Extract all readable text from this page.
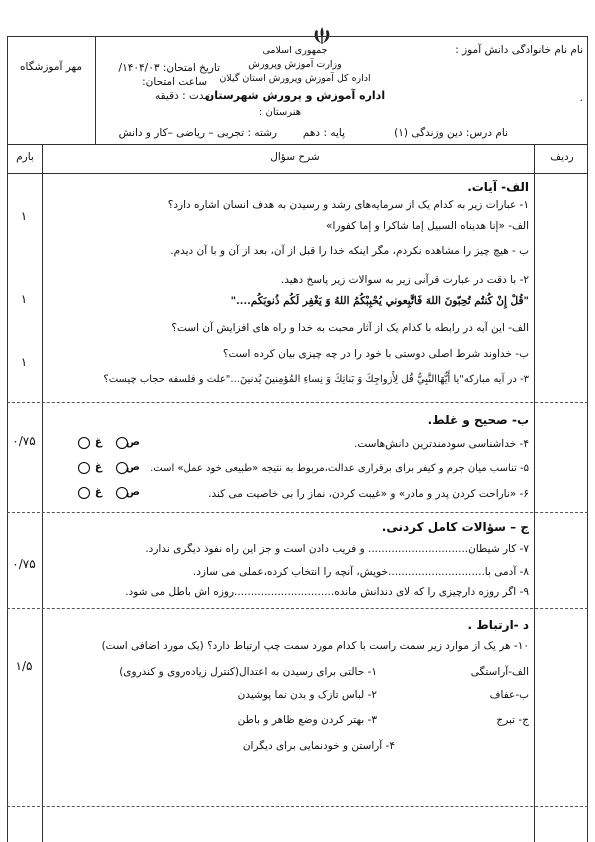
جمهوری اسلامی
وزارت آموزش وپرورش
اداره کل آموزش وپرورش استان گیلان
اداره آموزش و پرورش شهرستان
هنرستان :
نام نام خانوادگی دانش آموز :
.
تاریخ امتحان: ۱۴۰۴/۰۳/
ساعت امتحان:
مدت : دقیقه
مهر آموزشگاه
نام درس: دین وزندگی (۱)
پایه : دهم
رشته : تجربی – ریاضی –کار و دانش
ردیف
شرح سؤال
بارم
الف- آیات.
۱- عبارات زیر به کدام یک از سرمایه‌های رشد و رسیدن به هدف انسان اشاره دارد؟
الف- «إنا هدیناه السبیل إما شاکرا و إما کفورا»
ب - هیچ چیز را مشاهده نکردم، مگر اینکه خدا را قبل از آن، بعد از آن و با آن دیدم.
۲- با دقت در عبارت قرآنی زیر به سوالات زیر پاسخ دهید.
"قُلْ إِنْ کُنتُم تُحِبّونَ اللهَ فَاتَّبِعوني يُحْبِبْكُمُ اللهُ وَ يَغْفِر لَكُم ذُنوبَكُم...."
الف- این آیه در رابطه با کدام یک از آثار محبت به خدا و راه های افزایش آن است؟
ب- خداوند شرط اصلی دوستی با خود را در چه چیزی بیان کرده است؟
۳- در آیه مبارکه"یا أَيُّهَاالنَّبِيُّ قُل لِأَزواجِكَ وَ بَناتِكَ وَ نِساءِ المُؤمِنينَ يُدنينَ..."علت و فلسفه حجاب چیست؟
۱
۱
۱
ب- صحیح و غلط.
۴- خداشناسی سودمندترین دانش‌هاست.
۵- تناسب میان جرم و کیفر برای برقراری عدالت،مربوط به نتیجه «طبیعی خود عمل» است.
۶- «ناراحت کردن پدر و مادر» و «غیبت کردن، نماز را بی خاصیت می کند.
۰/۷۵	ص
غ
ص
غ
ص
غ
ج – سؤالات کامل کردنی.
۷- کار شیطان.............................. و فریب دادن است و جز این راه نفوذ دیگری ندارد.
۸- آدمی با.............................خویش، آنچه را انتخاب کرده،عملی می سازد.
۹- اگر روزه دارچیزی را که لای دندانش مانده..............................روزه اش باطل می شود.
۰/۷۵
د -ارتباط .
۱۰- هر یک از موارد زیر سمت راست با کدام مورد سمت چپ ارتباط دارد؟ (یک مورد اضافی است)
الف-آراستگی
ب-عفاف
ج- تبرج
۱- حالتی برای رسیدن به اعتدال(کنترل زیاده‌روی و کندروی)
۲- لباس تازک و بدن نما پوشیدن
۳- بهتر کردن وضع ظاهر و باطن
۴- آراستن و خودنمایی برای دیگران
۱/۵
